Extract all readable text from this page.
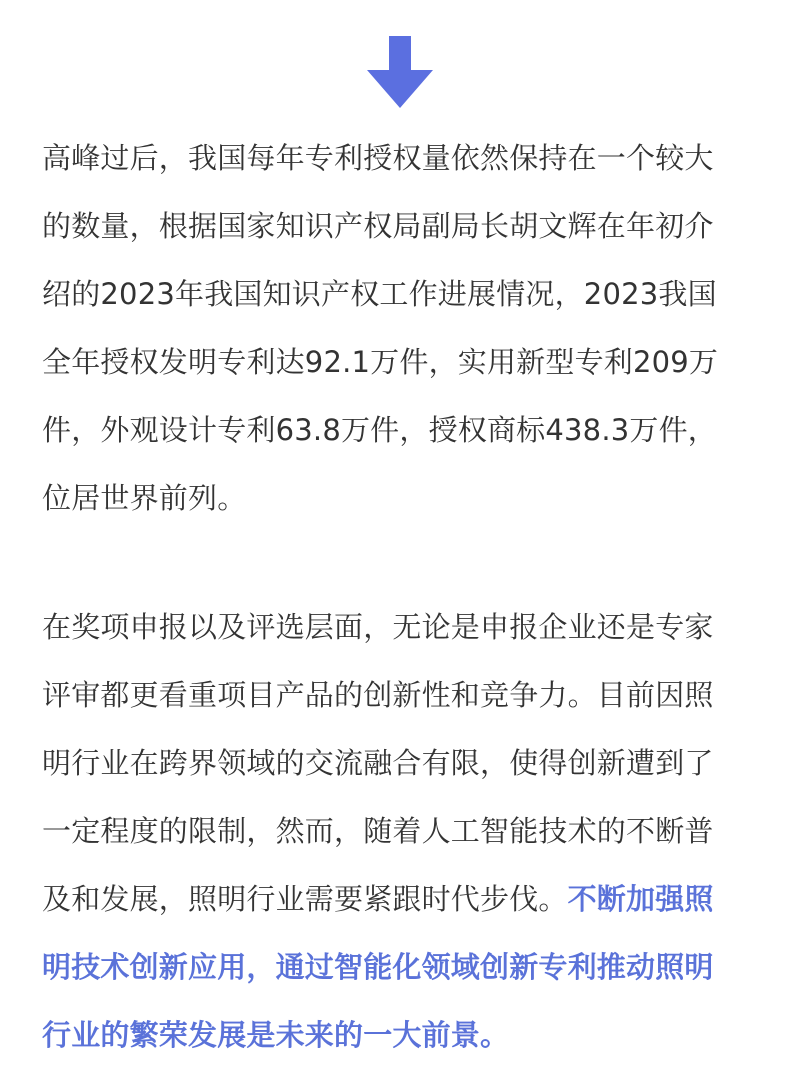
高峰过后，我国每年专利授权量依然保持在一个较大
的数量，根据国家知识产权局副局长胡文辉在年初介
绍的2023年我国知识产权工作进展情况，2023我国
全年授权发明专利达92.1万件，实用新型专利209万
件，外观设计专利63.8万件，授权商标438.3万件，
位居世界前列。
在奖项申报以及评选层面，无论是申报企业还是专家
评审都更看重项目产品的创新性和竞争力。目前因照
明行业在跨界领域的交流融合有限，使得创新遭到了
一定程度的限制，然而，随着人工智能技术的不断普
及和发展，照明行业需要紧跟时代步伐。不断加强照
明技术创新应用，通过智能化领域创新专利推动照明
行业的繁荣发展是未来的一大前景。
